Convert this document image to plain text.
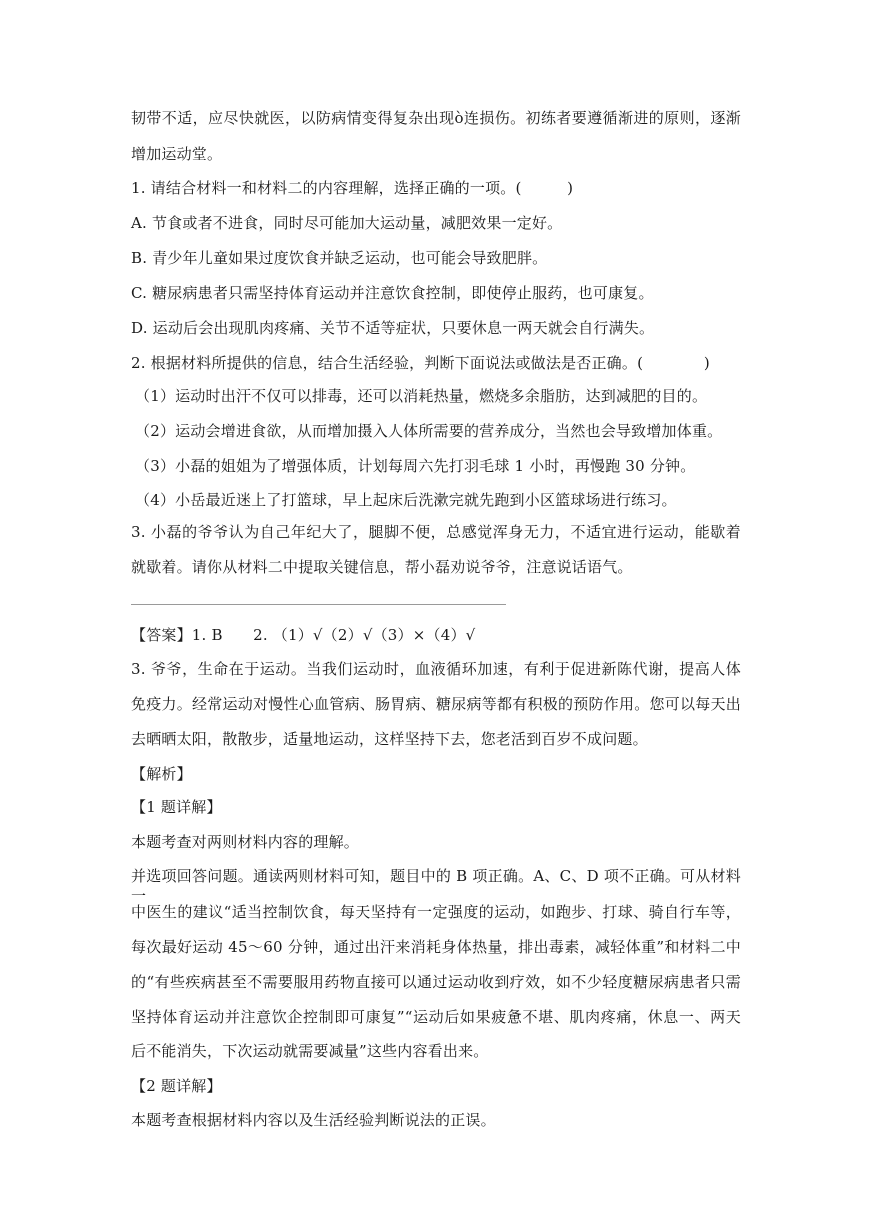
韧带不适，应尽快就医，以防病情变得复杂出现ò连损伤。初练者要遵循渐进的原则，逐渐
增加运动堂。
1. 请结合材料一和材料二的内容理解，选择正确的一项。(　　　)
A. 节食或者不进食，同时尽可能加大运动量，减肥效果一定好。
B. 青少年儿童如果过度饮食并缺乏运动，也可能会导致肥胖。
C. 糖尿病患者只需坚持体育运动并注意饮食控制，即使停止服药，也可康复。
D. 运动后会出现肌肉疼痛、关节不适等症状，只要休息一两天就会自行满失。
2. 根据材料所提供的信息，结合生活经验，判断下面说法或做法是否正确。(　　　　)
（1）运动时出汗不仅可以排毒，还可以消耗热量，燃烧多余脂肪，达到减肥的目的。
（2）运动会增进食欲，从而增加摄入人体所需要的营养成分，当然也会导致增加体重。
（3）小磊的姐姐为了增强体质，计划每周六先打羽毛球 1 小时，再慢跑 30 分钟。
（4）小岳最近迷上了打篮球，早上起床后洗漱完就先跑到小区篮球场进行练习。
3. 小磊的爷爷认为自己年纪大了，腿脚不便，总感觉浑身无力，不适宜进行运动，能歇着
就歇着。请你从材料二中提取关键信息，帮小磊劝说爷爷，注意说话语气。
【答案】1. B　　2. （1）√（2）√（3）×（4）√
3. 爷爷，生命在于运动。当我们运动时，血液循环加速，有利于促进新陈代谢，提高人体
免疫力。经常运动对慢性心血管病、肠胃病、糖尿病等都有积极的预防作用。您可以每天出
去晒晒太阳，散散步，适量地运动，这样坚持下去，您老活到百岁不成问题。
【解析】
【1 题详解】
本题考查对两则材料内容的理解。
并选项回答问题。通读两则材料可知，题目中的 B 项正确。A、C、D 项不正确。可从材料一
中医生的建议“适当控制饮食，每天坚持有一定强度的运动，如跑步、打球、骑自行车等，
每次最好运动 45～60 分钟，通过出汗来消耗身体热量，排出毒素，减轻体重”和材料二中
的“有些疾病甚至不需要服用药物直接可以通过运动收到疗效，如不少轻度糖尿病患者只需
坚持体育运动并注意饮企控制即可康复”“运动后如果疲惫不堪、肌肉疼痛，休息一、两天
后不能消失，下次运动就需要减量”这些内容看出来。
【2 题详解】
本题考查根据材料内容以及生活经验判断说法的正误。
